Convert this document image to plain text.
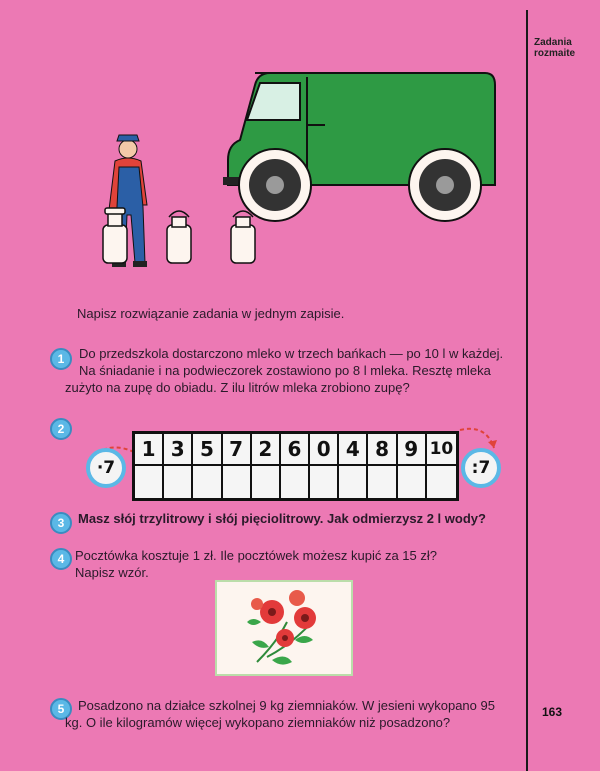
Zadania rozmaite
163
Napisz rozwiązanie zadania w jednym zapisie.
1	Do przedszkola dostarczono mleko w trzech bańkach — po 10 l w każdej.
Na śniadanie i na podwieczorek zostawiono po 8 l mleka. Resztę mleka
zużyto na zupę do obiadu. Z ilu litrów mleka zrobiono zupę?
2
·7
1 3 5 7 2 6 0 4 8 9 10
:7
3	Masz słój trzylitrowy i słój pięciolitrowy. Jak odmierzysz 2 l wody?
4 Pocztówka kosztuje 1 zł. Ile pocztówek możesz kupić za 15 zł?
Napisz wzór.
5	Posadzono na działce szkolnej 9 kg ziemniaków. W jesieni wykopano 95
kg. O ile kilogramów więcej wykopano ziemniaków niż posadzono?
